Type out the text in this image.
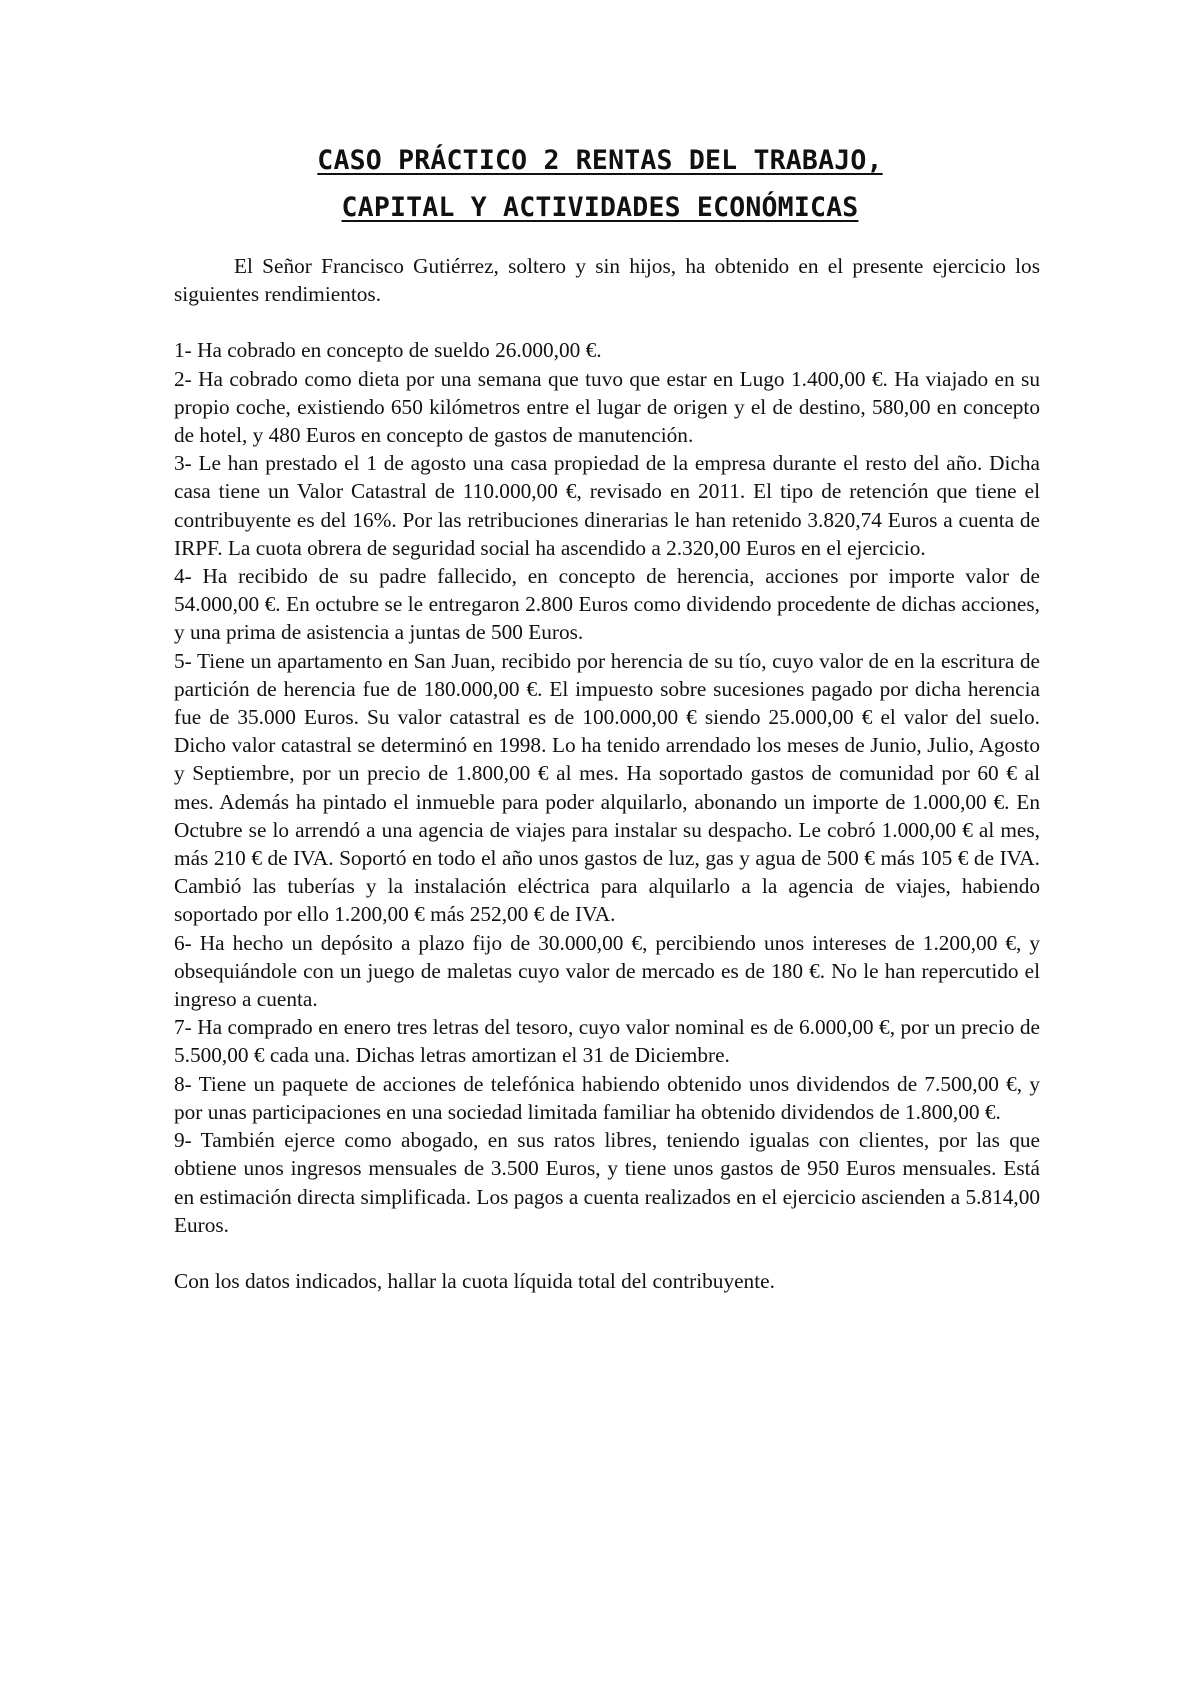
CASO PRÁCTICO 2 RENTAS DEL TRABAJO,
CAPITAL Y ACTIVIDADES ECONÓMICAS

El Señor Francisco Gutiérrez, soltero y sin hijos, ha obtenido en el presente ejercicio los siguientes rendimientos.

1- Ha cobrado en concepto de sueldo 26.000,00 €.

2- Ha cobrado como dieta por una semana que tuvo que estar en Lugo 1.400,00 €. Ha viajado en su propio coche, existiendo 650 kilómetros entre el lugar de origen y el de destino, 580,00 en concepto de hotel, y 480 Euros en concepto de gastos de manutención.

3- Le han prestado el 1 de agosto una casa propiedad de la empresa durante el resto del año. Dicha casa tiene un Valor Catastral de 110.000,00 €, revisado en 2011. El tipo de retención que tiene el contribuyente es del 16%. Por las retribuciones dinerarias le han retenido 3.820,74 Euros a cuenta de IRPF. La cuota obrera de seguridad social ha ascendido a 2.320,00 Euros en el ejercicio.

4- Ha recibido de su padre fallecido, en concepto de herencia, acciones por importe valor de 54.000,00 €. En octubre se le entregaron 2.800 Euros como dividendo procedente de dichas acciones, y una prima de asistencia a juntas de 500 Euros.

5- Tiene un apartamento en San Juan, recibido por herencia de su tío, cuyo valor de en la escritura de partición de herencia fue de 180.000,00 €. El impuesto sobre sucesiones pagado por dicha herencia fue de 35.000 Euros. Su valor catastral es de 100.000,00 € siendo 25.000,00 € el valor del suelo. Dicho valor catastral se determinó en 1998. Lo ha tenido arrendado los meses de Junio, Julio, Agosto y Septiembre, por un precio de 1.800,00 € al mes. Ha soportado gastos de comunidad por 60 € al mes. Además ha pintado el inmueble para poder alquilarlo, abonando un importe de 1.000,00 €. En Octubre se lo arrendó a una agencia de viajes para instalar su despacho. Le cobró 1.000,00 € al mes, más 210 € de IVA. Soportó en todo el año unos gastos de luz, gas y agua de 500 € más 105 € de IVA. Cambió las tuberías y la instalación eléctrica para alquilarlo a la agencia de viajes, habiendo soportado por ello 1.200,00 € más 252,00 € de IVA.

6- Ha hecho un depósito a plazo fijo de 30.000,00 €, percibiendo unos intereses de 1.200,00 €, y obsequiándole con un juego de maletas cuyo valor de mercado es de 180 €. No le han repercutido el ingreso a cuenta.

7- Ha comprado en enero tres letras del tesoro, cuyo valor nominal es de 6.000,00 €, por un precio de 5.500,00 € cada una. Dichas letras amortizan el 31 de Diciembre.

8- Tiene un paquete de acciones de telefónica habiendo obtenido unos dividendos de 7.500,00 €, y por unas participaciones en una sociedad limitada familiar ha obtenido dividendos de 1.800,00 €.

9- También ejerce como abogado, en sus ratos libres, teniendo igualas con clientes, por las que obtiene unos ingresos mensuales de 3.500 Euros, y tiene unos gastos de 950 Euros mensuales. Está en estimación directa simplificada. Los pagos a cuenta realizados en el ejercicio ascienden a 5.814,00 Euros.

Con los datos indicados, hallar la cuota líquida total del contribuyente.
